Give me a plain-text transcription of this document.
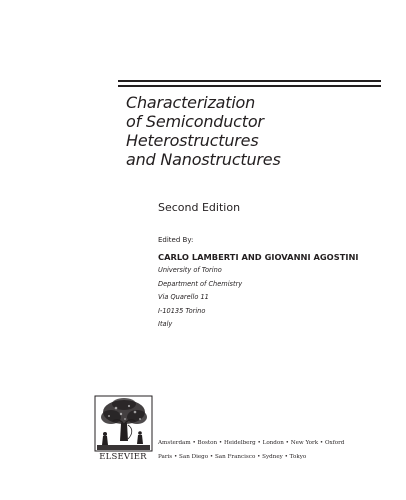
Characterization
of Semiconductor
Heterostructures
and Nanostructures
Second Edition
Edited By:
CARLO LAMBERTI AND GIOVANNI AGOSTINI
University of Torino
Department of Chemistry
Via Quarello 11
I-10135 Torino
Italy
ELSEVIER
Amsterdam • Boston • Heidelberg • London • New York • Oxford
Paris • San Diego • San Francisco • Sydney • Tokyo
